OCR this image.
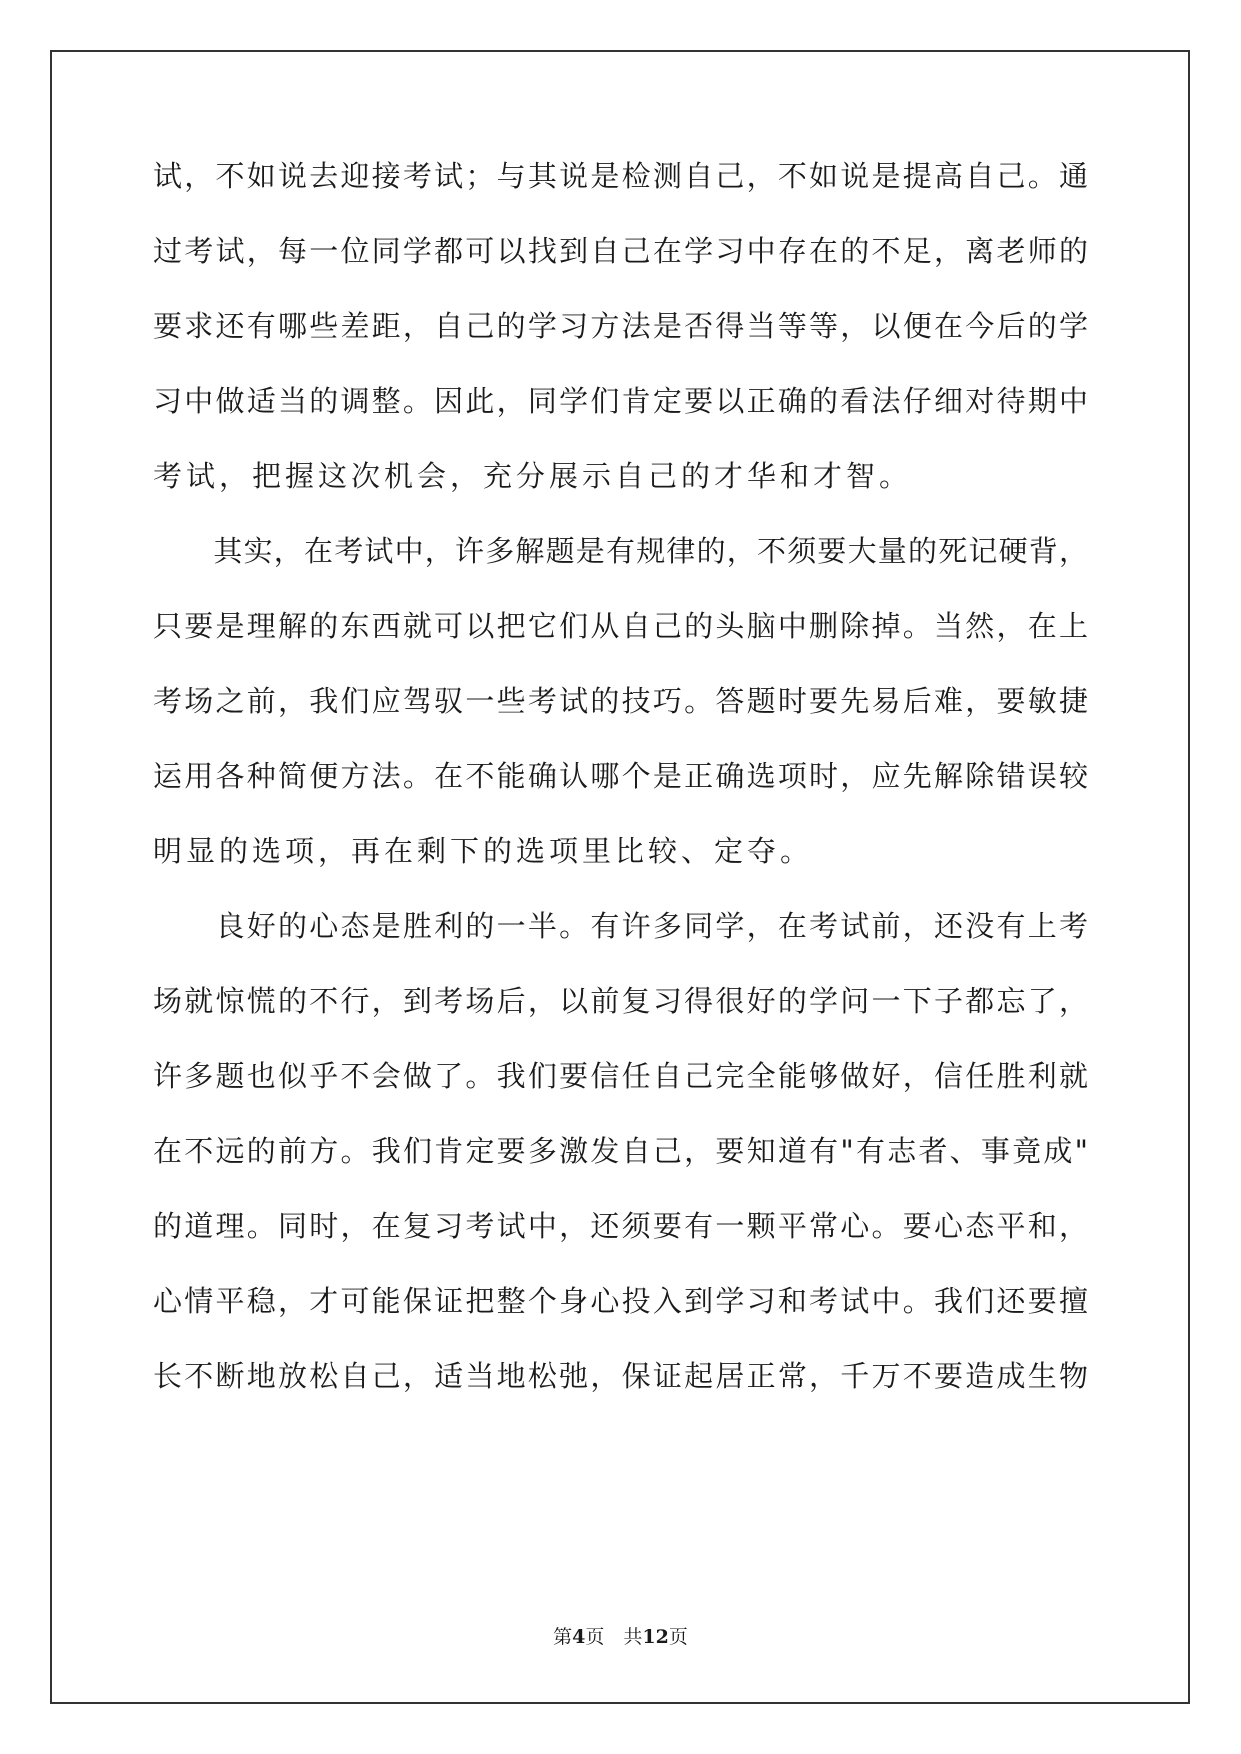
试，不如说去迎接考试；与其说是检测自己，不如说是提高自己。通
过考试，每一位同学都可以找到自己在学习中存在的不足，离老师的
要求还有哪些差距，自己的学习方法是否得当等等，以便在今后的学
习中做适当的调整。因此，同学们肯定要以正确的看法仔细对待期中
考试，把握这次机会，充分展示自己的才华和才智。
　　其实，在考试中，许多解题是有规律的，不须要大量的死记硬背，
只要是理解的东西就可以把它们从自己的头脑中删除掉。当然，在上
考场之前，我们应驾驭一些考试的技巧。答题时要先易后难，要敏捷
运用各种简便方法。在不能确认哪个是正确选项时，应先解除错误较
明显的选项，再在剩下的选项里比较、定夺。
　　良好的心态是胜利的一半。有许多同学，在考试前，还没有上考
场就惊慌的不行，到考场后，以前复习得很好的学问一下子都忘了，
许多题也似乎不会做了。我们要信任自己完全能够做好，信任胜利就
在不远的前方。我们肯定要多激发自己，要知道有"有志者、事竟成"
的道理。同时，在复习考试中，还须要有一颗平常心。要心态平和，
心情平稳，才可能保证把整个身心投入到学习和考试中。我们还要擅
长不断地放松自己，适当地松弛，保证起居正常，千万不要造成生物
第4页　共12页
